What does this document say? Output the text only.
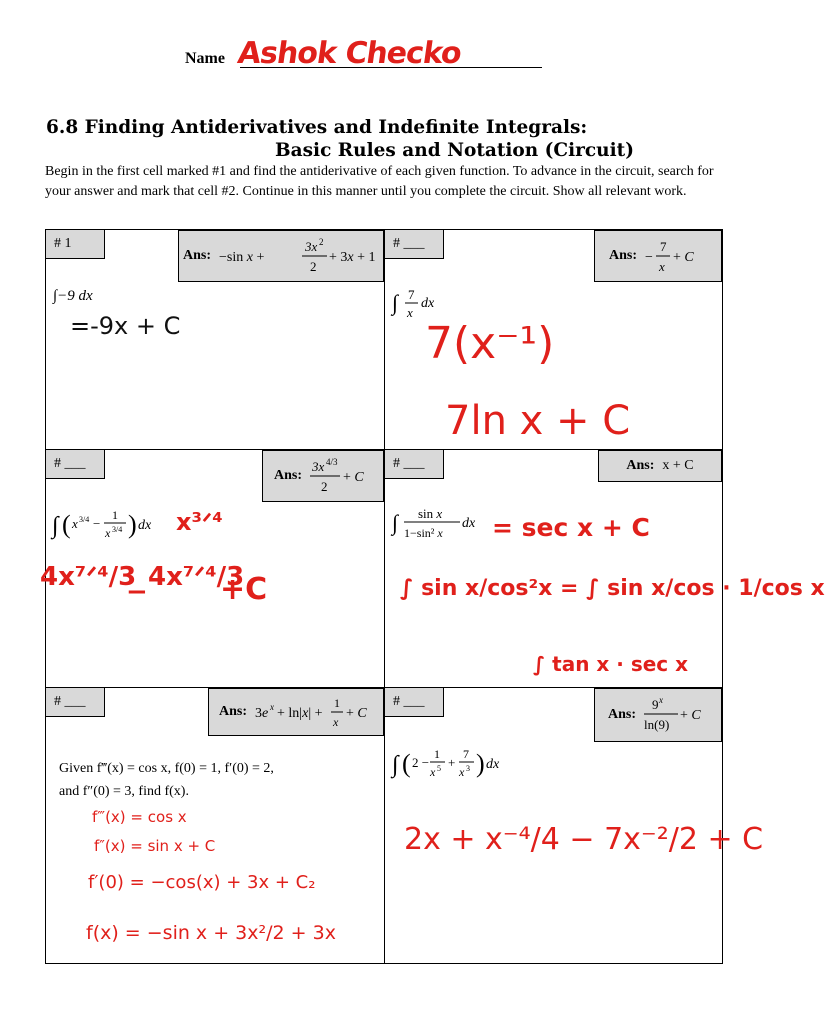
Name Ashok Checko
6.8 Finding Antiderivatives and Indefinite Integrals:
Basic Rules and Notation (Circuit)
Begin in the first cell marked #1 and find the antiderivative of each given function. To advance in the circuit, search for your answer and mark that cell #2. Continue in this manner until you complete the circuit. Show all relevant work.
# 1
Ans: −sin x +
3x 2
2
+ 3x + 1
∫−9 dx
=-9x + C
# ___
Ans: −
7
x
+ C
∫ 7
x
dx
7(x⁻¹)
7ln x + C
# ___
Ans:
3x 4/3
2
+ C
∫ ( x 3/4 −
1
x 3/4 ) dx x³ᐟ⁴
4x⁷ᐟ⁴/3
− 4x⁷ᐟ⁴/3
+C
# ___	Ans: x + C
∫ sin x
1−sin² x
dx = sec x + C
∫ sin x/cos²x = ∫ sin x/cos · 1/cos x
∫ tan x · sec x
# ___
Ans: 3e x + ln|x| +
1
x
+ C
Given f‴(x) = cos x, f(0) = 1, f′(0) = 2,
and f″(0) = 3, find f(x).
f‴(x) = cos x
f″(x) = sin x + C
f′(0) = −cos(x) + 3x + C₂
f(x) = −sin x + 3x²/2 + 3x
# ___
Ans:
9 x
ln(9)
+ C
∫ ( 2 −
1
x 5 +
7
x 3 ) dx
2x + x⁻⁴/4 − 7x⁻²/2 + C
